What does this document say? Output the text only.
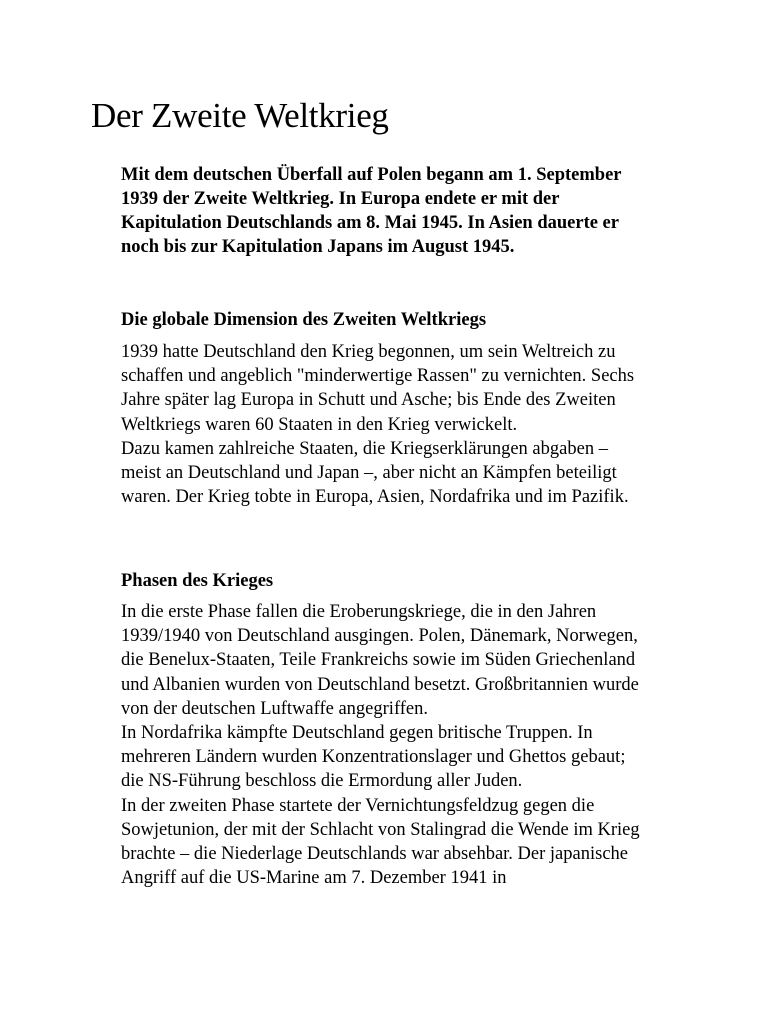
Der Zweite Weltkrieg

Mit dem deutschen Überfall auf Polen begann am 1. September 1939 der Zweite Weltkrieg. In Europa endete er mit der Kapitulation Deutschlands am 8. Mai 1945. In Asien dauerte er noch bis zur Kapitulation Japans im August 1945.

Die globale Dimension des Zweiten Weltkriegs
1939 hatte Deutschland den Krieg begonnen, um sein Weltreich zu schaffen und angeblich "minderwertige Rassen" zu vernichten. Sechs Jahre später lag Europa in Schutt und Asche; bis Ende des Zweiten Weltkriegs waren 60 Staaten in den Krieg verwickelt.
Dazu kamen zahlreiche Staaten, die Kriegserklärungen abgaben – meist an Deutschland und Japan –, aber nicht an Kämpfen beteiligt waren. Der Krieg tobte in Europa, Asien, Nordafrika und im Pazifik.
Phasen des Krieges
In die erste Phase fallen die Eroberungskriege, die in den Jahren 1939/1940 von Deutschland ausgingen. Polen, Dänemark, Norwegen, die Benelux-Staaten, Teile Frankreichs sowie im Süden Griechenland und Albanien wurden von Deutschland besetzt. Großbritannien wurde von der deutschen Luftwaffe angegriffen.
In Nordafrika kämpfte Deutschland gegen britische Truppen. In mehreren Ländern wurden Konzentrationslager und Ghettos gebaut; die NS-Führung beschloss die Ermordung aller Juden.
In der zweiten Phase startete der Vernichtungsfeldzug gegen die Sowjetunion, der mit der Schlacht von Stalingrad die Wende im Krieg brachte – die Niederlage Deutschlands war absehbar. Der japanische Angriff auf die US-Marine am 7. Dezember 1941 in
